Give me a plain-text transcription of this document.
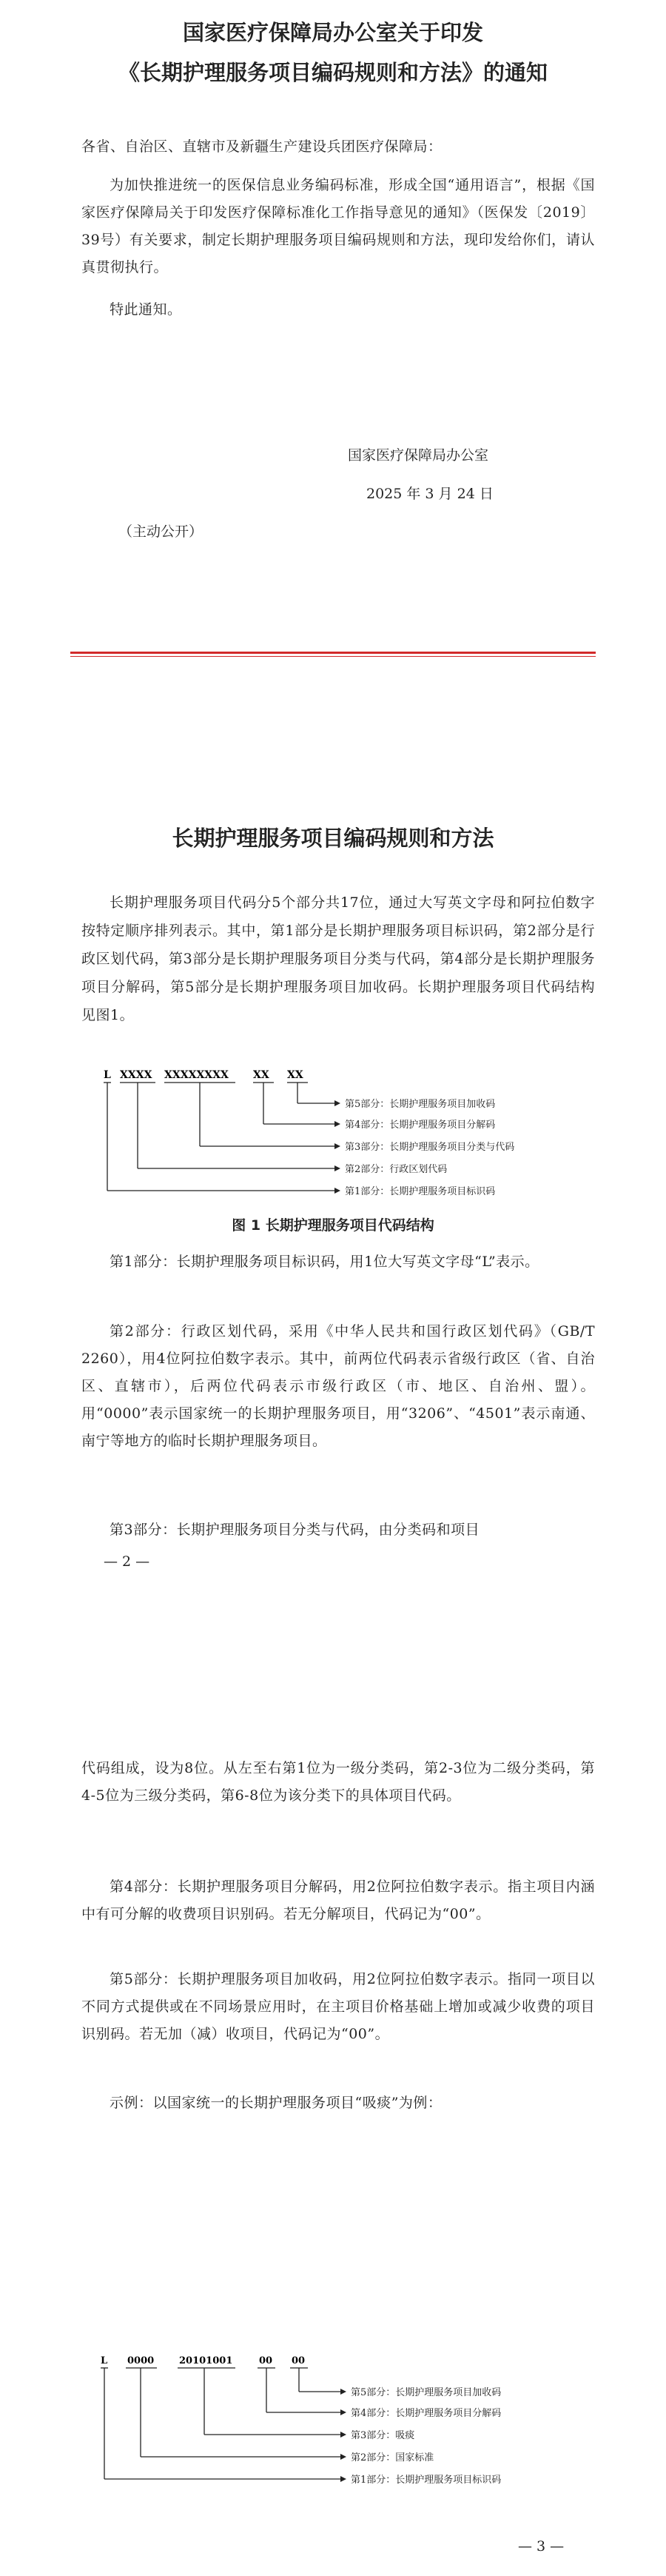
国家医疗保障局办公室关于印发
《长期护理服务项目编码规则和方法》的通知
各省、自治区、直辖市及新疆生产建设兵团医疗保障局：
为加快推进统一的医保信息业务编码标准，形成全国“通用语言”，根据《国家医疗保障局关于印发医疗保障标准化工作指导意见的通知》（医保发〔2019〕39号）有关要求，制定长期护理服务项目编码规则和方法，现印发给你们，请认真贯彻执行。
特此通知。
国家医疗保障局办公室
2025 年 3 月 24 日
（主动公开）
长期护理服务项目编码规则和方法
长期护理服务项目代码分5个部分共17位，通过大写英文字母和阿拉伯数字按特定顺序排列表示。其中，第1部分是长期护理服务项目标识码，第2部分是行政区划代码，第3部分是长期护理服务项目分类与代码，第4部分是长期护理服务项目分解码，第5部分是长期护理服务项目加收码。长期护理服务项目代码结构见图1。
L XXXX XXXXXXXX XX XX
第5部分：长期护理服务项目加收码
第4部分：长期护理服务项目分解码
第3部分：长期护理服务项目分类与代码
第2部分：行政区划代码
第1部分：长期护理服务项目标识码
L 0000	20101001	00 00
第5部分：长期护理服务项目加收码
第4部分：长期护理服务项目分解码
第3部分：吸痰
第2部分：国家标准
第1部分：长期护理服务项目标识码
图 1 长期护理服务项目代码结构
第1部分：长期护理服务项目标识码，用1位大写英文字母“L”表示。
第2部分：行政区划代码，采用《中华人民共和国行政区划代码》（GB/T 2260），用4位阿拉伯数字表示。其中，前两位代码表示省级行政区（省、自治区、直辖市），后两位代码表示市级行政区（市、地区、自治州、盟）。用“0000”表示国家统一的长期护理服务项目，用“3206”、“4501”表示南通、南宁等地方的临时长期护理服务项目。
第3部分：长期护理服务项目分类与代码，由分类码和项目
— 2 —
代码组成，设为8位。从左至右第1位为一级分类码，第2-3位为二级分类码，第4-5位为三级分类码，第6-8位为该分类下的具体项目代码。
第4部分：长期护理服务项目分解码，用2位阿拉伯数字表示。指主项目内涵中有可分解的收费项目识别码。若无分解项目，代码记为“00”。
第5部分：长期护理服务项目加收码，用2位阿拉伯数字表示。指同一项目以不同方式提供或在不同场景应用时，在主项目价格基础上增加或减少收费的项目识别码。若无加（减）收项目，代码记为“00”。
示例：以国家统一的长期护理服务项目“吸痰”为例：
— 3 —
